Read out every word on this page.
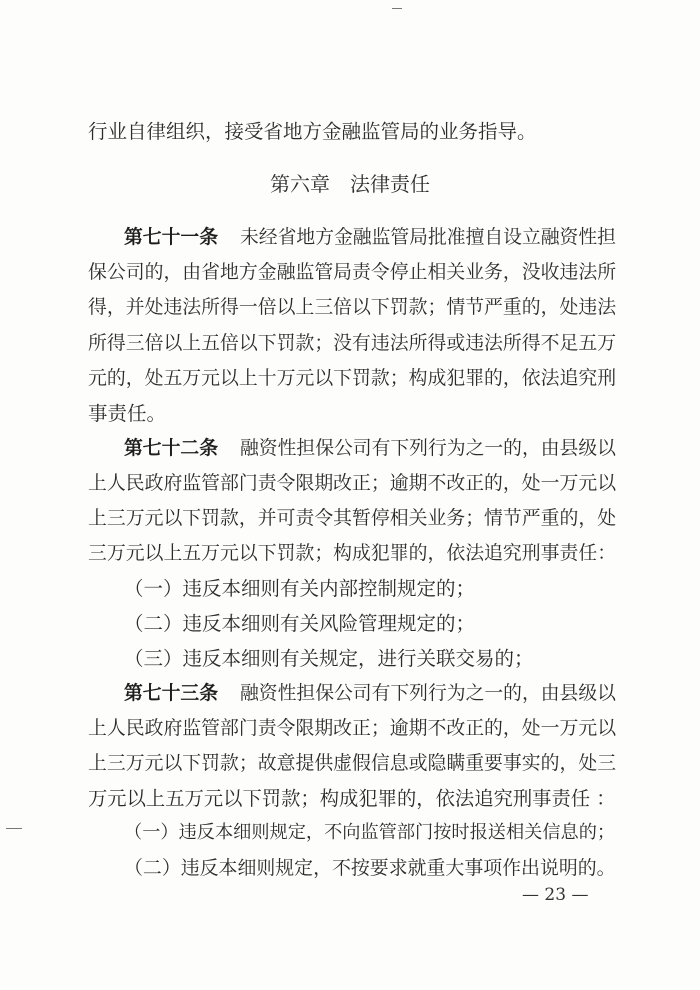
行业自律组织，接受省地方金融监管局的业务指导。
第六章　法律责任
第七十一条 未经省地方金融监管局批准擅自设立融资性担
保公司的，由省地方金融监管局责令停止相关业务，没收违法所
得，并处违法所得一倍以上三倍以下罚款；情节严重的，处违法
所得三倍以上五倍以下罚款；没有违法所得或违法所得不足五万
元的，处五万元以上十万元以下罚款；构成犯罪的，依法追究刑
事责任。
第七十二条 融资性担保公司有下列行为之一的，由县级以
上人民政府监管部门责令限期改正；逾期不改正的，处一万元以
上三万元以下罚款，并可责令其暂停相关业务；情节严重的，处
三万元以上五万元以下罚款；构成犯罪的，依法追究刑事责任：
（一）违反本细则有关内部控制规定的；
（二）违反本细则有关风险管理规定的；
（三）违反本细则有关规定，进行关联交易的；
第七十三条 融资性担保公司有下列行为之一的，由县级以
上人民政府监管部门责令限期改正；逾期不改正的，处一万元以
上三万元以下罚款；故意提供虚假信息或隐瞒重要事实的，处三
万元以上五万元以下罚款；构成犯罪的，依法追究刑事责任 ：
（一）违反本细则规定，不向监管部门按时报送相关信息的；
（二）违反本细则规定，不按要求就重大事项作出说明的。
— 23 —
